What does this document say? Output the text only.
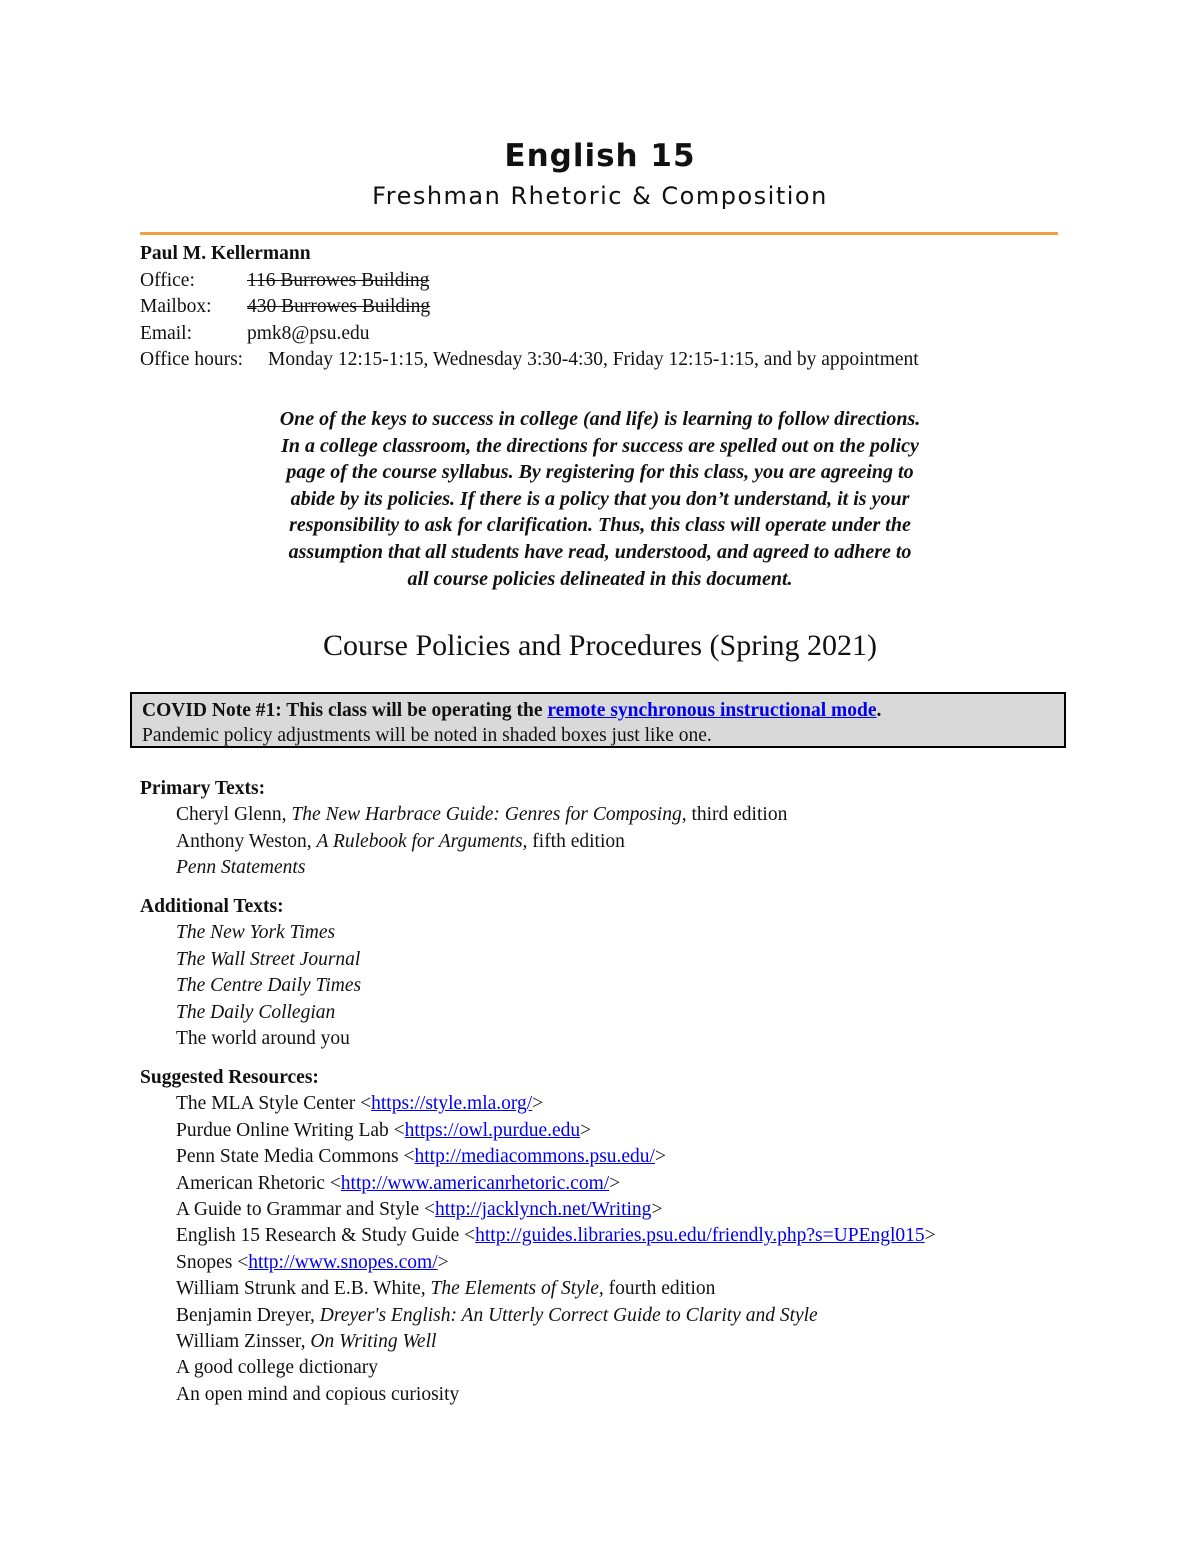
English 15
Freshman Rhetoric & Composition
Paul M. Kellermann
Office:	116 Burrowes Building
Mailbox:	430 Burrowes Building
Email:	pmk8@psu.edu
Office hours:	Monday 12:15-1:15, Wednesday 3:30-4:30, Friday 12:15-1:15, and by appointment
One of the keys to success in college (and life) is learning to follow directions.
In a college classroom, the directions for success are spelled out on the policy
page of the course syllabus. By registering for this class, you are agreeing to
abide by its policies. If there is a policy that you don’t understand, it is your
responsibility to ask for clarification. Thus, this class will operate under the
assumption that all students have read, understood, and agreed to adhere to
all course policies delineated in this document.
Course Policies and Procedures (Spring 2021)
COVID Note #1: This class will be operating the remote synchronous instructional mode.
Pandemic policy adjustments will be noted in shaded boxes just like one.
Primary Texts:
Cheryl Glenn, The New Harbrace Guide: Genres for Composing, third edition
Anthony Weston, A Rulebook for Arguments, fifth edition
Penn Statements
Additional Texts:
The New York Times
The Wall Street Journal
The Centre Daily Times
The Daily Collegian
The world around you
Suggested Resources:
The MLA Style Center <https://style.mla.org/>
Purdue Online Writing Lab <https://owl.purdue.edu>
Penn State Media Commons <http://mediacommons.psu.edu/>
American Rhetoric <http://www.americanrhetoric.com/>
A Guide to Grammar and Style <http://jacklynch.net/Writing>
English 15 Research & Study Guide <http://guides.libraries.psu.edu/friendly.php?s=UPEngl015>
Snopes <http://www.snopes.com/>
William Strunk and E.B. White, The Elements of Style, fourth edition
Benjamin Dreyer, Dreyer's English: An Utterly Correct Guide to Clarity and Style
William Zinsser, On Writing Well
A good college dictionary
An open mind and copious curiosity
